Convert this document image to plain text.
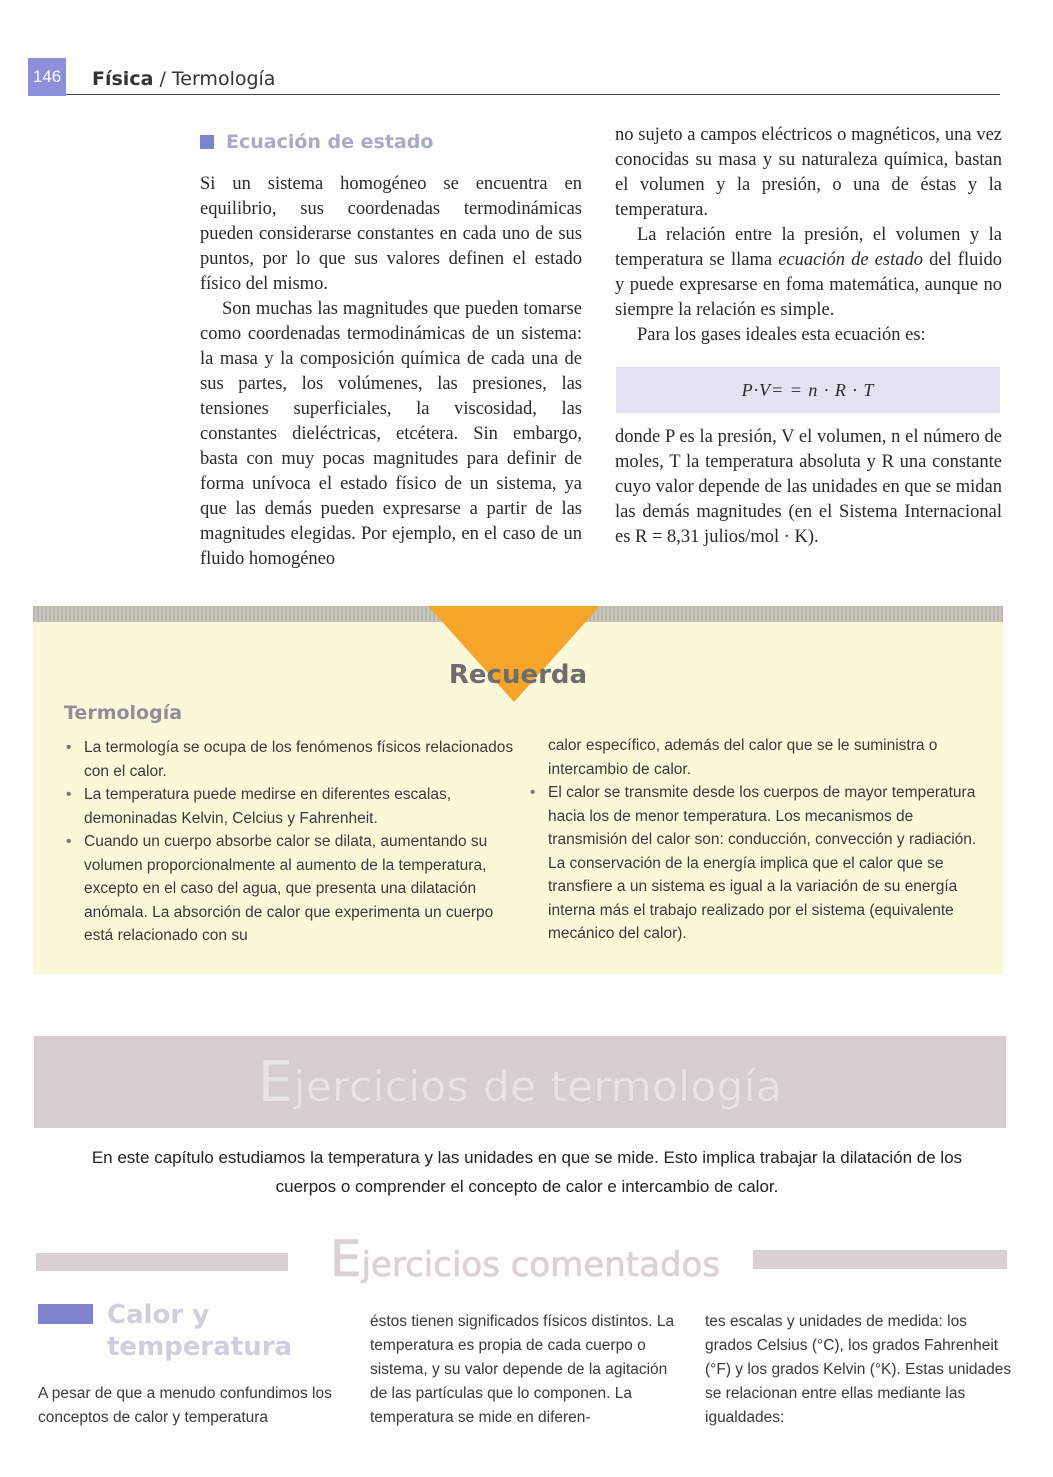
146 Física / Termología
Ecuación de estado

Si un sistema homogéneo se encuentra en equilibrio, sus coordenadas termodinámicas pueden considerarse constantes en cada uno de sus puntos, por lo que sus valores definen el estado físico del mismo.

Son muchas las magnitudes que pueden tomarse como coordenadas termodinámicas de un sistema: la masa y la composición química de cada una de sus partes, los volúmenes, las presiones, las tensiones superficiales, la viscosidad, las constantes dieléctricas, etcétera. Sin embargo, basta con muy pocas magnitudes para definir de forma unívoca el estado físico de un sistema, ya que las demás pueden expresarse a partir de las magnitudes elegidas. Por ejemplo, en el caso de un fluido homogéneo

no sujeto a campos eléctricos o magnéticos, una vez conocidas su masa y su naturaleza química, bastan el volumen y la presión, o una de éstas y la temperatura.

La relación entre la presión, el volumen y la temperatura se llama ecuación de estado del fluido y puede expresarse en foma matemática, aunque no siempre la relación es simple.

Para los gases ideales esta ecuación es:

P·V= = n · R · T

donde P es la presión, V el volumen, n el número de moles, T la temperatura absoluta y R una constante cuyo valor depende de las unidades en que se midan las demás magnitudes (en el Sistema Internacional es R = 8,31 julios/mol · K).

Recuerda
Termología
• La termología se ocupa de los fenómenos físicos relacionados con el calor.
• La temperatura puede medirse en diferentes escalas, demoninadas Kelvin, Celcius y Fahrenheit.
• Cuando un cuerpo absorbe calor se dilata, aumentando su volumen proporcionalmente al aumento de la temperatura, excepto en el caso del agua, que presenta una dilatación anómala. La absorción de calor que experimenta un cuerpo está relacionado con su
calor específico, además del calor que se le suministra o intercambio de calor.
• El calor se transmite desde los cuerpos de mayor temperatura hacia los de menor temperatura. Los mecanismos de transmisión del calor son: conducción, convección y radiación. La conservación de la energía implica que el calor que se transfiere a un sistema es igual a la variación de su energía interna más el trabajo realizado por el sistema (equivalente mecánico del calor).
Ejercicios de termología
En este capítulo estudiamos la temperatura y las unidades en que se mide. Esto implica trabajar la dilatación de los cuerpos o comprender el concepto de calor e intercambio de calor.
Ejercicios comentados
Calor y
temperatura
A pesar de que a menudo confundimos los conceptos de calor y temperatura
éstos tienen significados físicos distintos. La temperatura es propia de cada cuerpo o sistema, y su valor depende de la agitación de las partículas que lo componen. La temperatura se mide en diferen-
tes escalas y unidades de medida: los grados Celsius (°C), los grados Fahrenheit (°F) y los grados Kelvin (°K). Estas unidades se relacionan entre ellas mediante las igualdades:
